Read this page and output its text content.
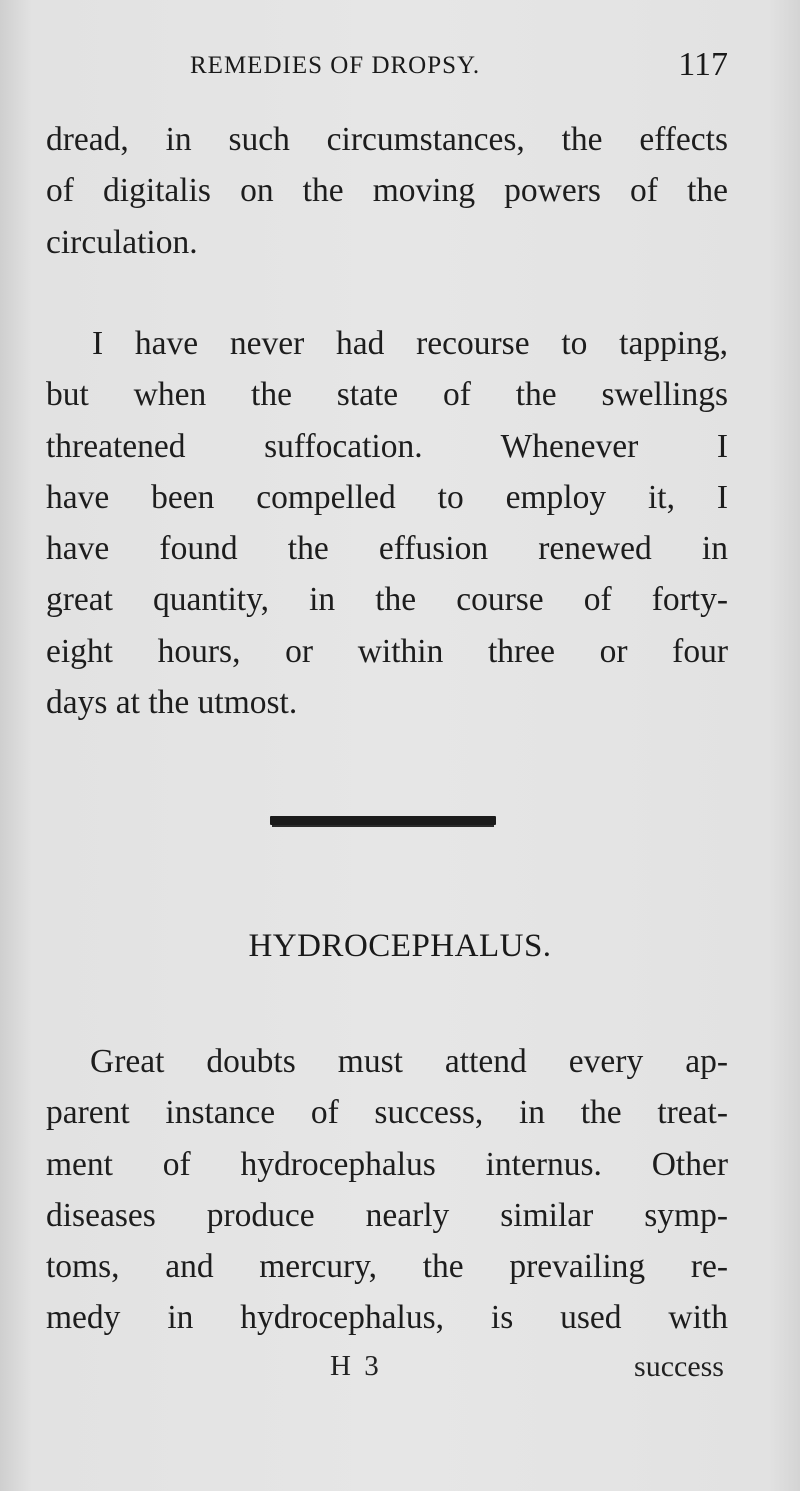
REMEDIES OF DROPSY.	117

dread, in such circumstances, the effects
of digitalis on the moving powers of the
circulation.

I have never had recourse to tapping,
but when the state of the swellings
threatened suffocation. Whenever I
have been compelled to employ it, I
have found the effusion renewed in
great quantity, in the course of forty-
eight hours, or within three or four
days at the utmost.

HYDROCEPHALUS.

Great doubts must attend every ap-
parent instance of success, in the treat-
ment of hydrocephalus internus. Other
diseases produce nearly similar symp-
toms, and mercury, the prevailing re-
medy in hydrocephalus, is used with

H 3	success
